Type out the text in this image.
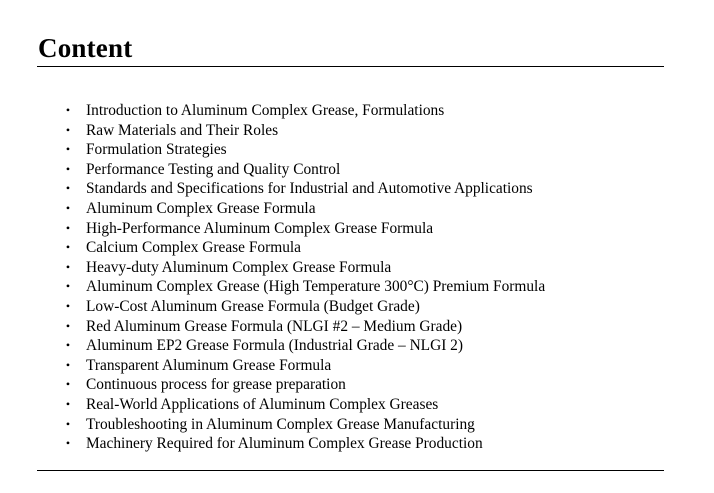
Content
• Introduction to Aluminum Complex Grease, Formulations
• Raw Materials and Their Roles
• Formulation Strategies
• Performance Testing and Quality Control
• Standards and Specifications for Industrial and Automotive Applications
• Aluminum Complex Grease Formula
• High-Performance Aluminum Complex Grease Formula
• Calcium Complex Grease Formula
• Heavy-duty Aluminum Complex Grease Formula
• Aluminum Complex Grease (High Temperature 300°C) Premium Formula
• Low-Cost Aluminum Grease Formula (Budget Grade)
• Red Aluminum Grease Formula (NLGI #2 – Medium Grade)
• Aluminum EP2 Grease Formula (Industrial Grade – NLGI 2)
• Transparent Aluminum Grease Formula
• Continuous process for grease preparation
• Real-World Applications of Aluminum Complex Greases
• Troubleshooting in Aluminum Complex Grease Manufacturing
• Machinery Required for Aluminum Complex Grease Production
